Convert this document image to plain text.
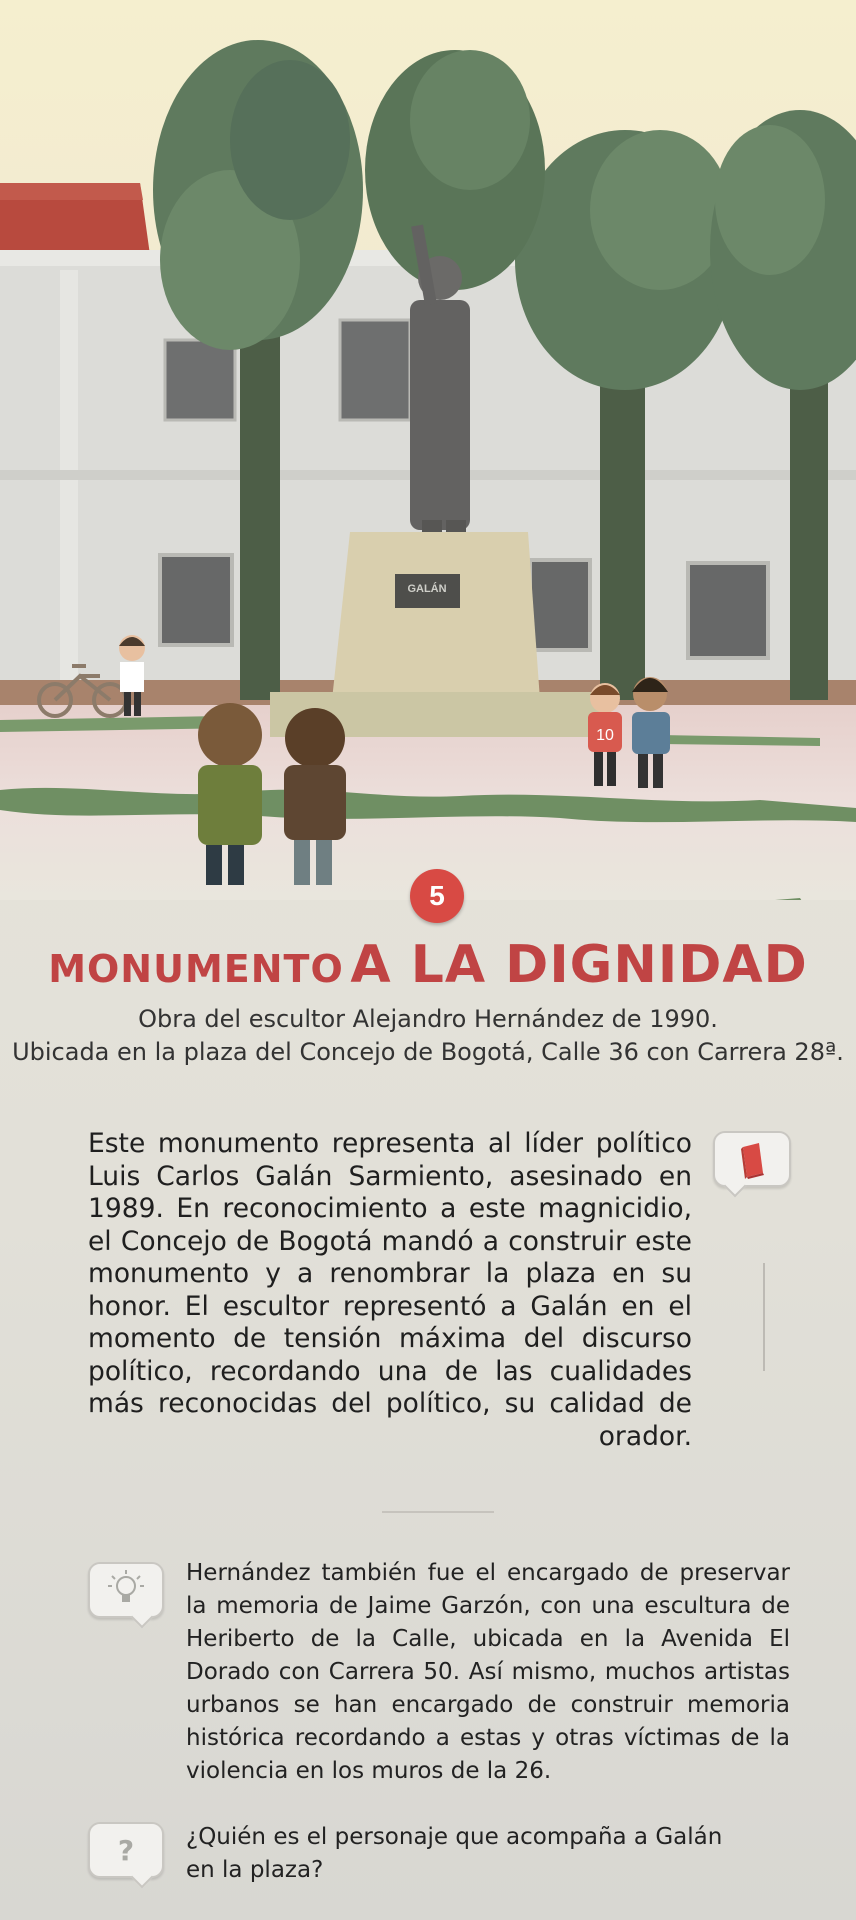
GALÁN
10
5
MONUMENTO A LA DIGNIDAD
Obra del escultor Alejandro Hernández de 1990.
Ubicada en la plaza del Concejo de Bogotá, Calle 36 con Carrera 28ª.
Este monumento representa al líder político Luis Carlos Galán Sarmiento, asesinado en 1989. En reconocimiento a este magnicidio, el Concejo de Bogotá mandó a construir este monumento y a renombrar la plaza en su honor. El escultor representó a Galán en el momento de tensión máxima del discurso político, recordando una de las cualidades más reconocidas del político, su calidad de orador.
Hernández también fue el encargado de preservar la memoria de Jaime Garzón, con una escultura de Heriberto de la Calle, ubicada en la Avenida El Dorado con Carrera 50. Así mismo, muchos artistas urbanos se han encargado de construir memoria histórica recordando a estas y otras víctimas de la violencia en los muros de la 26.
? ¿Quién es el personaje que acompaña a Galán
en la plaza?
